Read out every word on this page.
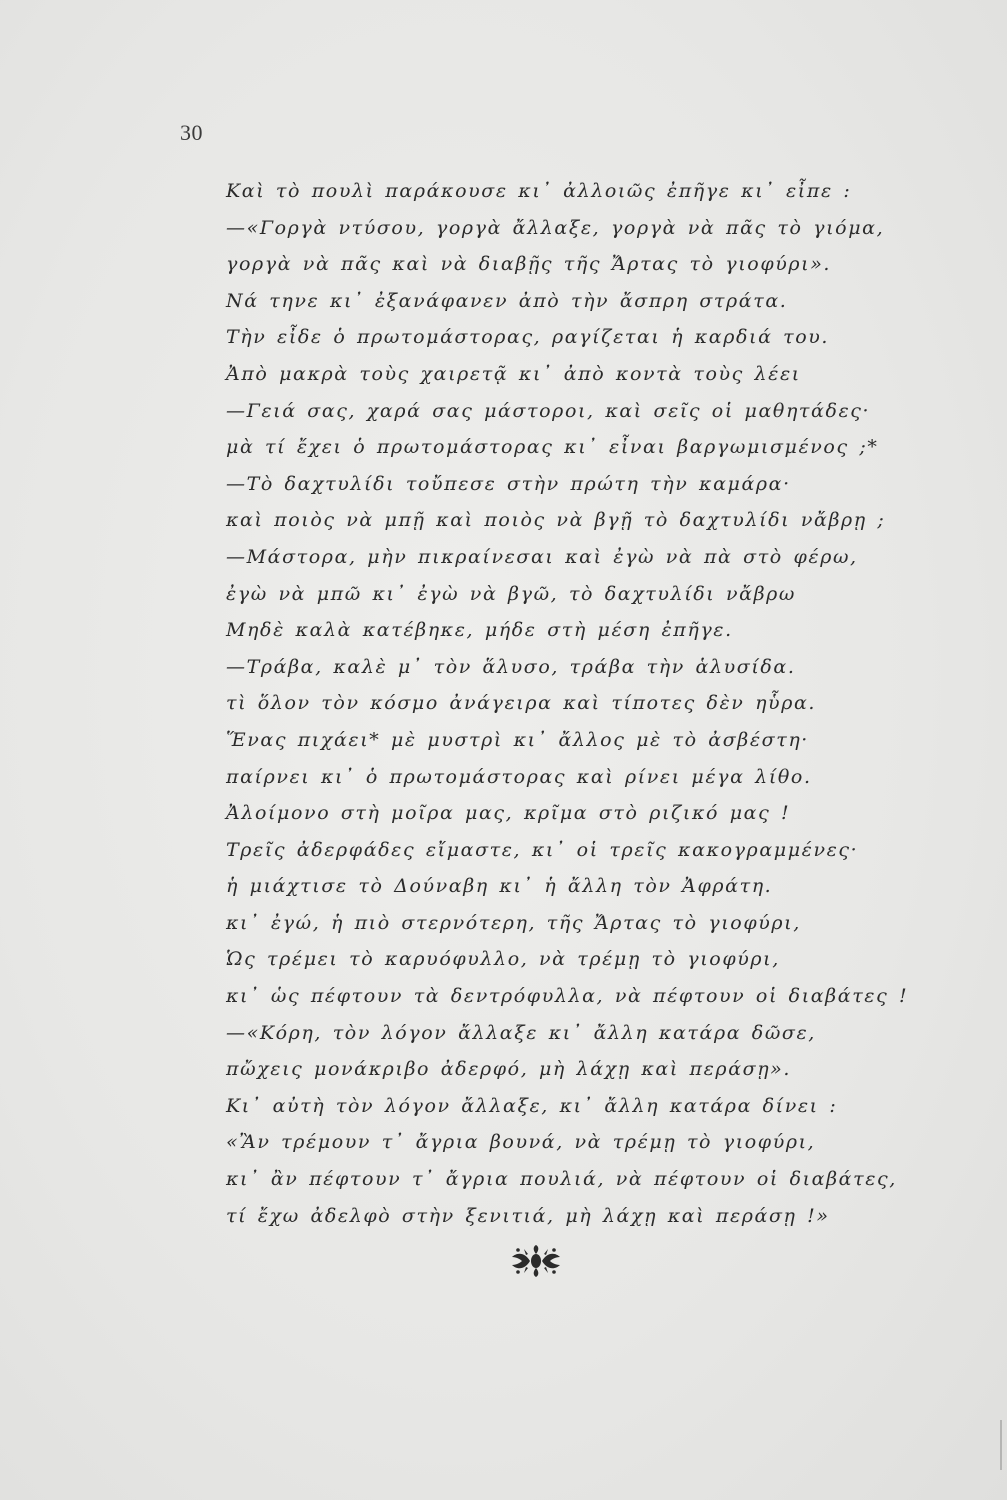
30
Καὶ τὸ πουλὶ παράκουσε κι᾽ ἀλλοιῶς ἐπῆγε κι᾽ εἶπε :
—«Γοργὰ ντύσου, γοργὰ ἄλλαξε, γοργὰ νὰ πᾶς τὸ γιόμα,
γοργὰ νὰ πᾶς καὶ νὰ διαβῇς τῆς Ἄρτας τὸ γιοφύρι».
Νά τηνε κι᾽ ἐξανάφανεν ἀπὸ τὴν ἄσπρη στράτα.
Τὴν εἶδε ὁ πρωτομάστορας, ραγίζεται ἡ καρδιά του.
Ἀπὸ μακρὰ τοὺς χαιρετᾷ κι᾽ ἀπὸ κοντὰ τοὺς λέει
—Γειά σας, χαρά σας μάστοροι, καὶ σεῖς οἱ μαθητάδες·
μὰ τί ἔχει ὁ πρωτομάστορας κι᾽ εἶναι βαργωμισμένος ;*
—Τὸ δαχτυλίδι τοὔπεσε στὴν πρώτη τὴν καμάρα·
καὶ ποιὸς νὰ μπῇ καὶ ποιὸς νὰ βγῇ τὸ δαχτυλίδι νἄβρῃ ;
—Μάστορα, μὴν πικραίνεσαι καὶ ἐγὼ νὰ πὰ στὸ φέρω,
ἐγὼ νὰ μπῶ κι᾽ ἐγὼ νὰ βγῶ, τὸ δαχτυλίδι νἄβρω
Μηδὲ καλὰ κατέβηκε, μήδε στὴ μέση ἐπῆγε.
—Τράβα, καλὲ μ᾽ τὸν ἅλυσο, τράβα τὴν ἁλυσίδα.
τὶ ὅλον τὸν κόσμο ἀνάγειρα καὶ τίποτες δὲν ηὗρα.
Ἕνας πιχάει* μὲ μυστρὶ κι᾽ ἄλλος μὲ τὸ ἀσβέστη·
παίρνει κι᾽ ὁ πρωτομάστορας καὶ ρίνει μέγα λίθο.
Ἀλοίμονο στὴ μοῖρα μας, κρῖμα στὸ ριζικό μας !
Τρεῖς ἀδερφάδες εἴμαστε, κι᾽ οἱ τρεῖς κακογραμμένες·
ἡ μιάχτισε τὸ Δούναβη κι᾽ ἡ ἄλλη τὸν Ἀφράτη.
κι᾽ ἐγώ, ἡ πιὸ στερνότερη, τῆς Ἄρτας τὸ γιοφύρι,
Ὡς τρέμει τὸ καρυόφυλλο, νὰ τρέμῃ τὸ γιοφύρι,
κι᾽ ὡς πέφτουν τὰ δεντρόφυλλα, νὰ πέφτουν οἱ διαβάτες !
—«Κόρη, τὸν λόγον ἄλλαξε κι᾽ ἄλλη κατάρα δῶσε,
πὤχεις μονάκριβο ἀδερφό, μὴ λάχῃ καὶ περάσῃ».
Κι᾽ αὐτὴ τὸν λόγον ἄλλαξε, κι᾽ ἄλλη κατάρα δίνει :
«Ἂν τρέμουν τ᾽ ἄγρια βουνά, νὰ τρέμῃ τὸ γιοφύρι,
κι᾽ ἂν πέφτουν τ᾽ ἄγρια πουλιά, νὰ πέφτουν οἱ διαβάτες,
τί ἔχω ἀδελφὸ στὴν ξενιτιά, μὴ λάχῃ καὶ περάσῃ !»
